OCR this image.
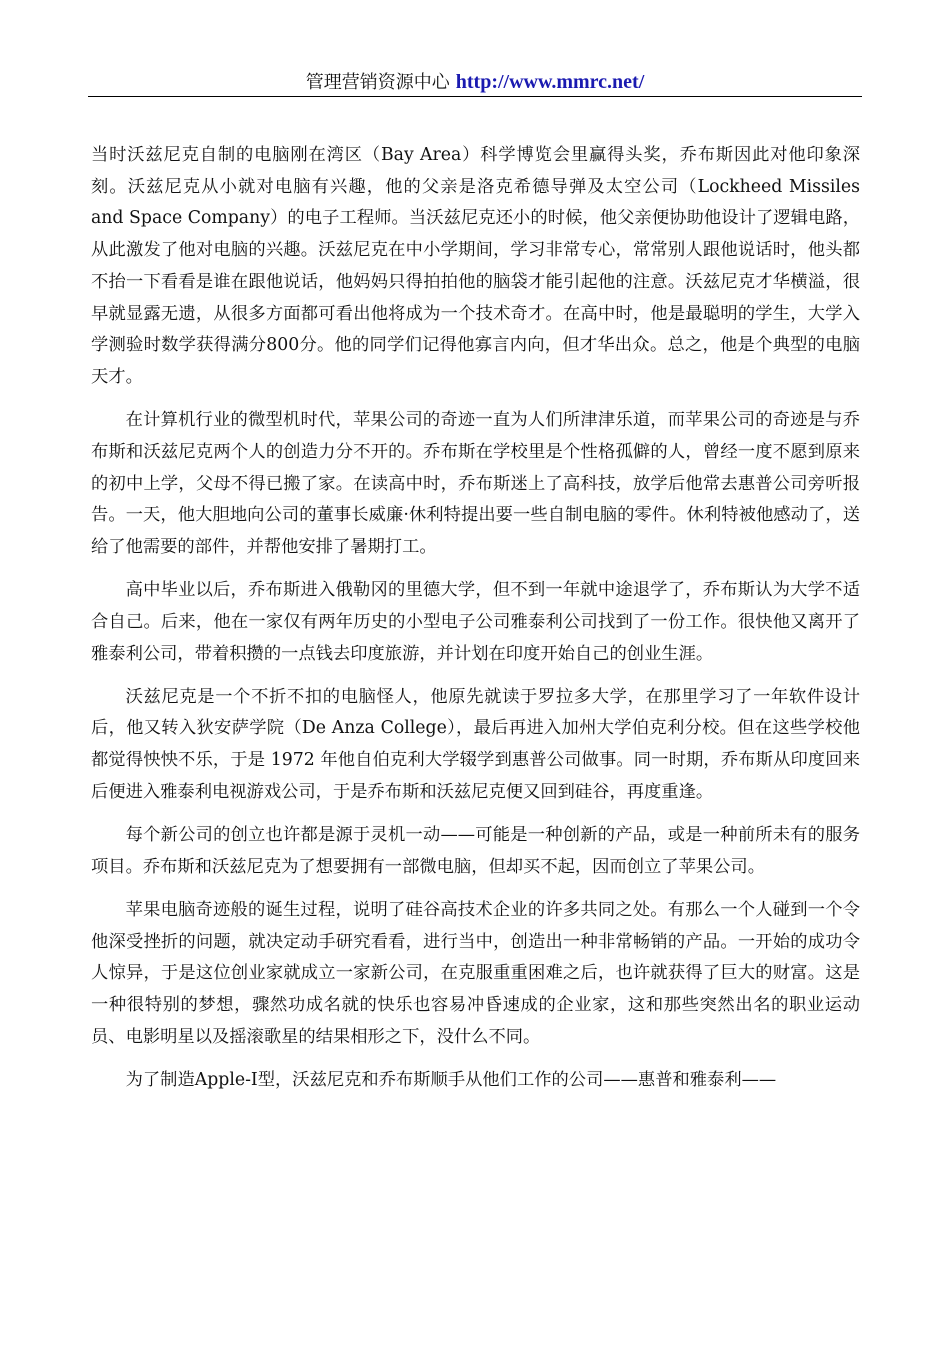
管理营销资源中心 http://www.mmrc.net/

当时沃兹尼克自制的电脑刚在湾区（Bay Area）科学博览会里赢得头奖，乔布斯因此对他印象深刻。沃兹尼克从小就对电脑有兴趣，他的父亲是洛克希德导弹及太空公司（Lockheed Missiles and Space Company）的电子工程师。当沃兹尼克还小的时候，他父亲便协助他设计了逻辑电路，从此激发了他对电脑的兴趣。沃兹尼克在中小学期间，学习非常专心，常常别人跟他说话时，他头都不抬一下看看是谁在跟他说话，他妈妈只得拍拍他的脑袋才能引起他的注意。沃兹尼克才华横溢，很早就显露无遗，从很多方面都可看出他将成为一个技术奇才。在高中时，他是最聪明的学生，大学入学测验时数学获得满分800分。他的同学们记得他寡言内向，但才华出众。总之，他是个典型的电脑天才。

在计算机行业的微型机时代，苹果公司的奇迹一直为人们所津津乐道，而苹果公司的奇迹是与乔布斯和沃兹尼克两个人的创造力分不开的。乔布斯在学校里是个性格孤僻的人，曾经一度不愿到原来的初中上学，父母不得已搬了家。在读高中时，乔布斯迷上了高科技，放学后他常去惠普公司旁听报告。一天，他大胆地向公司的董事长威廉·休利特提出要一些自制电脑的零件。休利特被他感动了，送给了他需要的部件，并帮他安排了暑期打工。

高中毕业以后，乔布斯进入俄勒冈的里德大学，但不到一年就中途退学了，乔布斯认为大学不适合自己。后来，他在一家仅有两年历史的小型电子公司雅泰利公司找到了一份工作。很快他又离开了雅泰利公司，带着积攒的一点钱去印度旅游，并计划在印度开始自己的创业生涯。

沃兹尼克是一个不折不扣的电脑怪人，他原先就读于罗拉多大学，在那里学习了一年软件设计后，他又转入狄安萨学院（De Anza College），最后再进入加州大学伯克利分校。但在这些学校他都觉得怏怏不乐，于是 1972 年他自伯克利大学辍学到惠普公司做事。同一时期，乔布斯从印度回来后便进入雅泰利电视游戏公司，于是乔布斯和沃兹尼克便又回到硅谷，再度重逢。

每个新公司的创立也许都是源于灵机一动——可能是一种创新的产品，或是一种前所未有的服务项目。乔布斯和沃兹尼克为了想要拥有一部微电脑，但却买不起，因而创立了苹果公司。

苹果电脑奇迹般的诞生过程，说明了硅谷高技术企业的许多共同之处。有那么一个人碰到一个令他深受挫折的问题，就决定动手研究看看，进行当中，创造出一种非常畅销的产品。一开始的成功令人惊异，于是这位创业家就成立一家新公司，在克服重重困难之后，也许就获得了巨大的财富。这是一种很特别的梦想，骤然功成名就的快乐也容易冲昏速成的企业家，这和那些突然出名的职业运动员、电影明星以及摇滚歌星的结果相形之下，没什么不同。

为了制造Apple-Ⅰ型，沃兹尼克和乔布斯顺手从他们工作的公司——惠普和雅泰利——
